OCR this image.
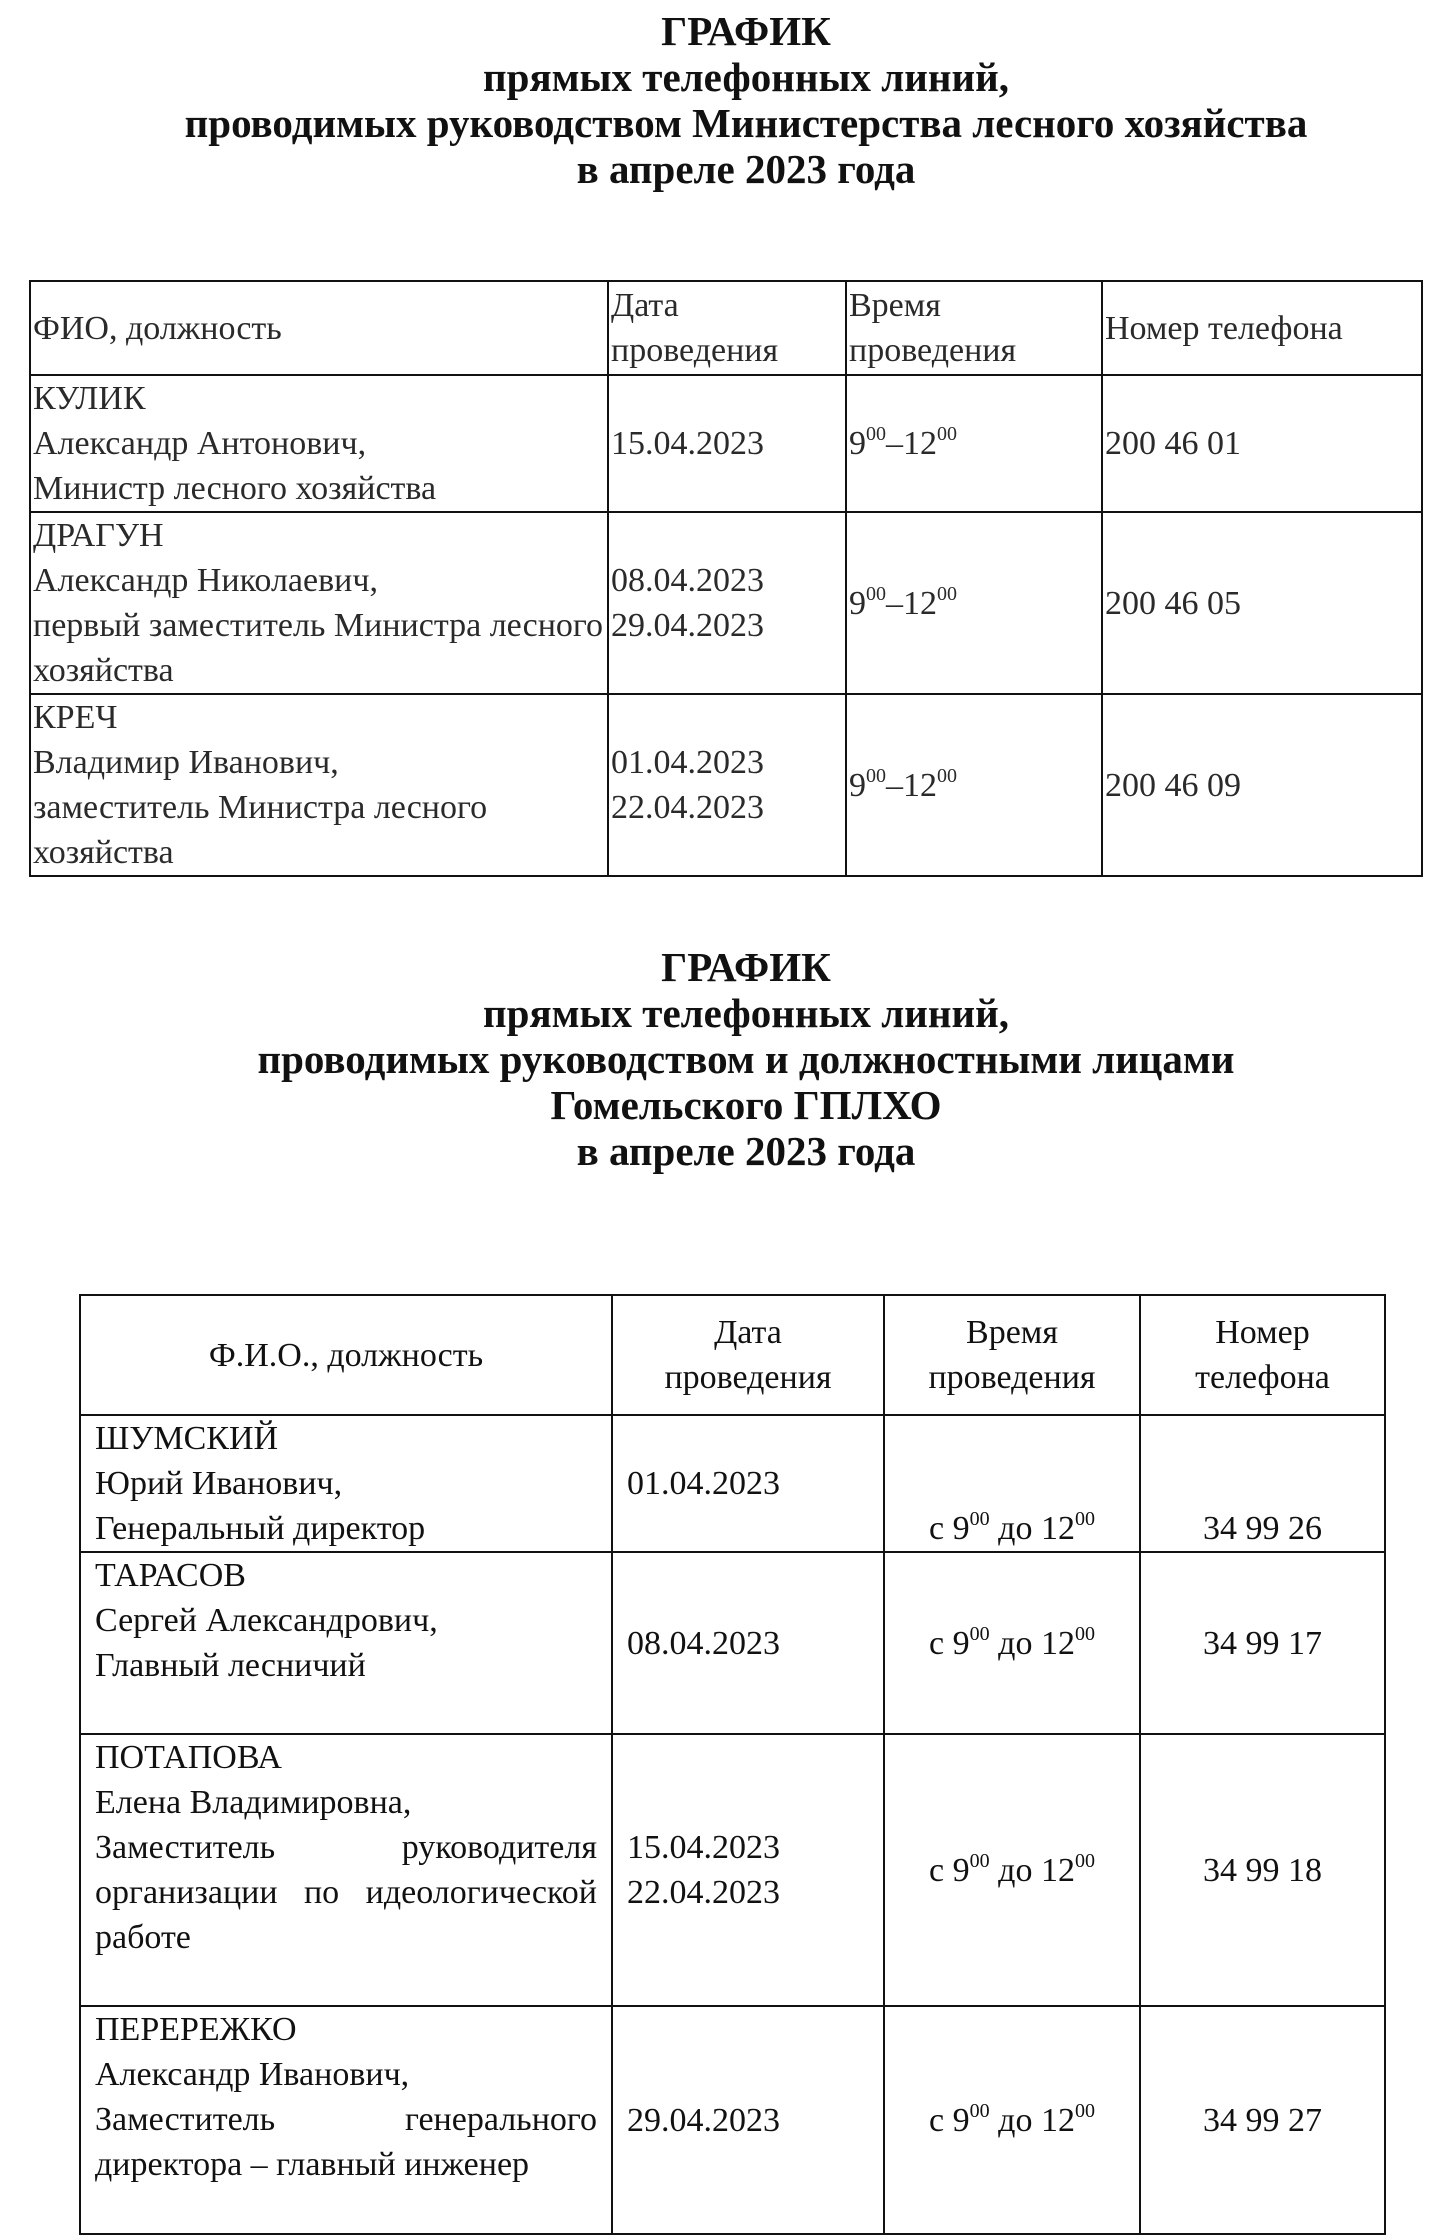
ГРАФИК
прямых телефонных линий,
проводимых руководством Министерства лесного хозяйства
в апреле 2023 года
ФИО, должность	Дата проведения	Время проведения	Номер телефона

КУЛИК
Александр Антонович,
Министр лесного хозяйства	15.04.2023	$9^{00}-12^{00}$	200 46 01

ДРАГУН
Александр Николаевич,
первый заместитель Министра лесного хозяйства	08.04.2023
29.04.2023	$9^{00}-12^{00}$	200 46 05

КРЕЧ
Владимир Иванович,
заместитель Министра лесного хозяйства	01.04.2023
22.04.2023	$9^{00}-12^{00}$	200 46 09
ГРАФИК
прямых телефонных линий,
проводимых руководством и должностными лицами
Гомельского ГПЛХО
в апреле 2023 года
Ф.И.О., должность	Дата проведения	Время проведения	Номер телефона

ШУМСКИЙ
Юрий Иванович,
Генеральный директор	01.04.2023	с $9^{00}$ до $12^{00}$	34 99 26

ТАРАСОВ
Сергей Александрович,
Главный лесничий	08.04.2023	с $9^{00}$ до $12^{00}$	34 99 17

ПОТАПОВА
Елена Владимировна,
Заместитель руководителя организации по идеологической работе	15.04.2023
22.04.2023	с $9^{00}$ до $12^{00}$	34 99 18

ПЕРЕРЕЖКО
Александр Иванович,
Заместитель генерального директора – главный инженер	29.04.2023	с $9^{00}$ до $12^{00}$	34 99 27
